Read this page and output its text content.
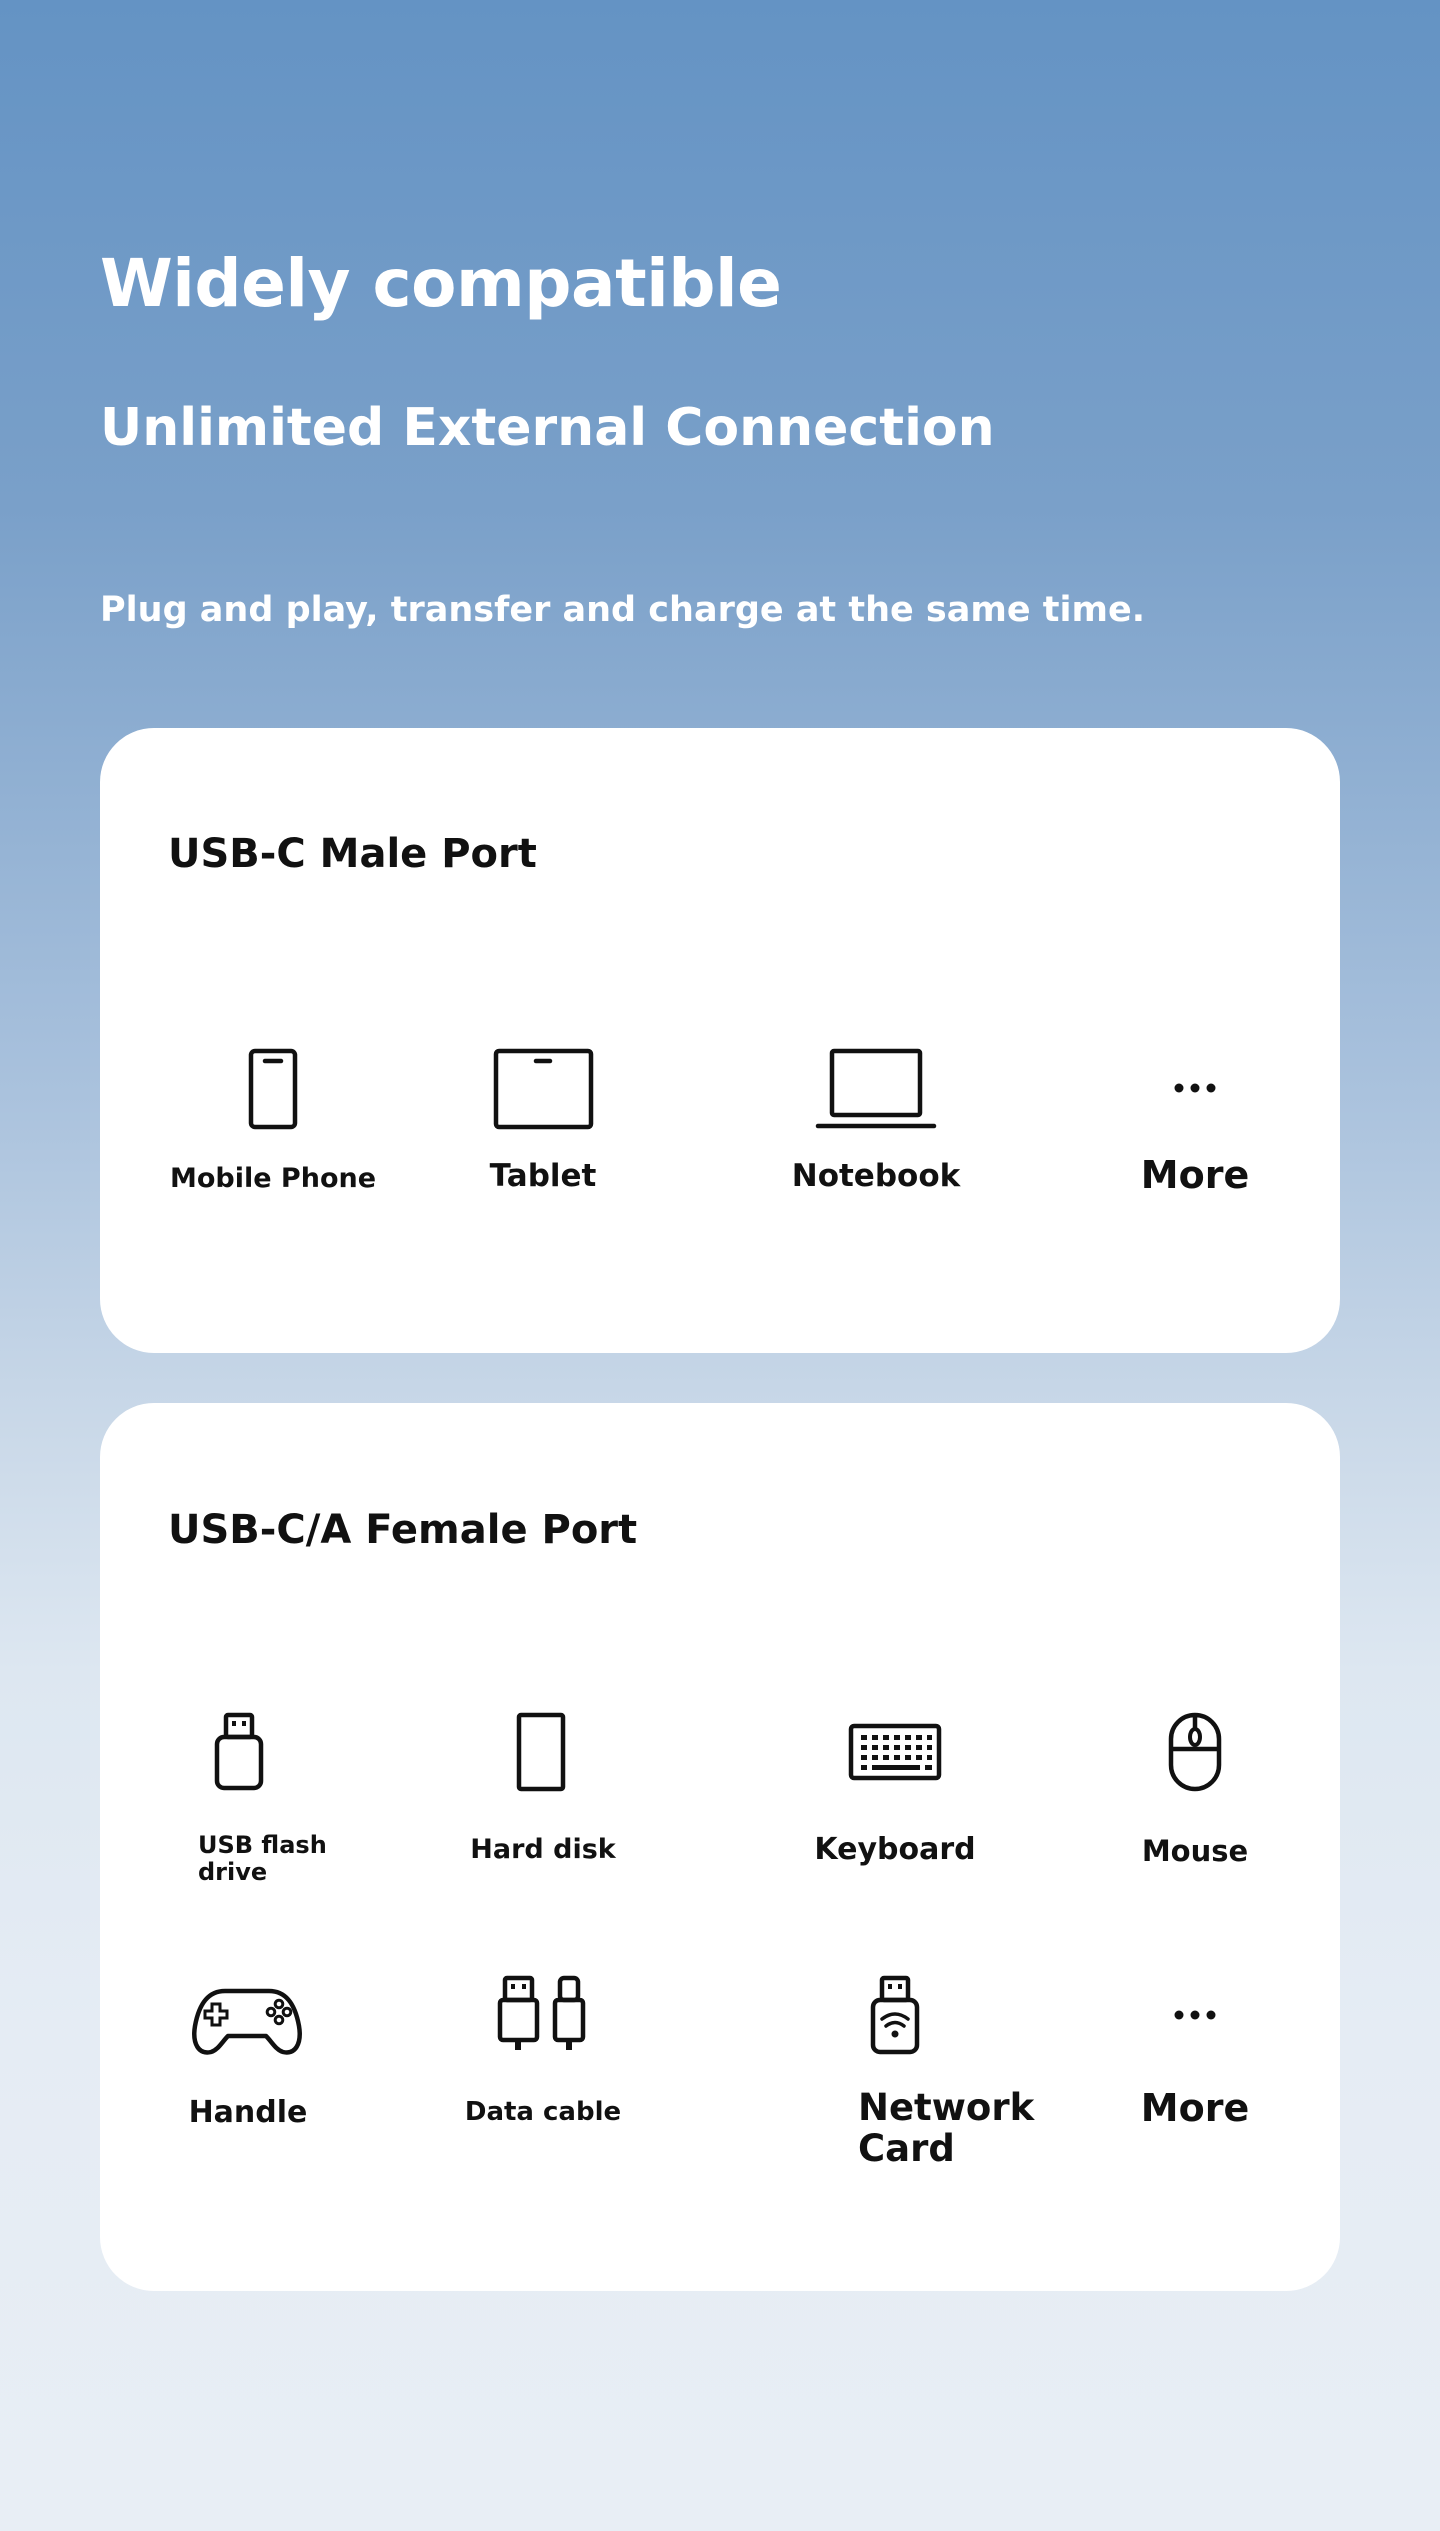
Widely compatible
Unlimited External Connection

Plug and play, transfer and charge at the same time.

USB-C Male Port
Mobile Phone	Tablet	Notebook	More
USB-C/A Female Port
USB flash drive
Hard disk	Keyboard	Mouse
Handle	Data cable	Network Card
More
